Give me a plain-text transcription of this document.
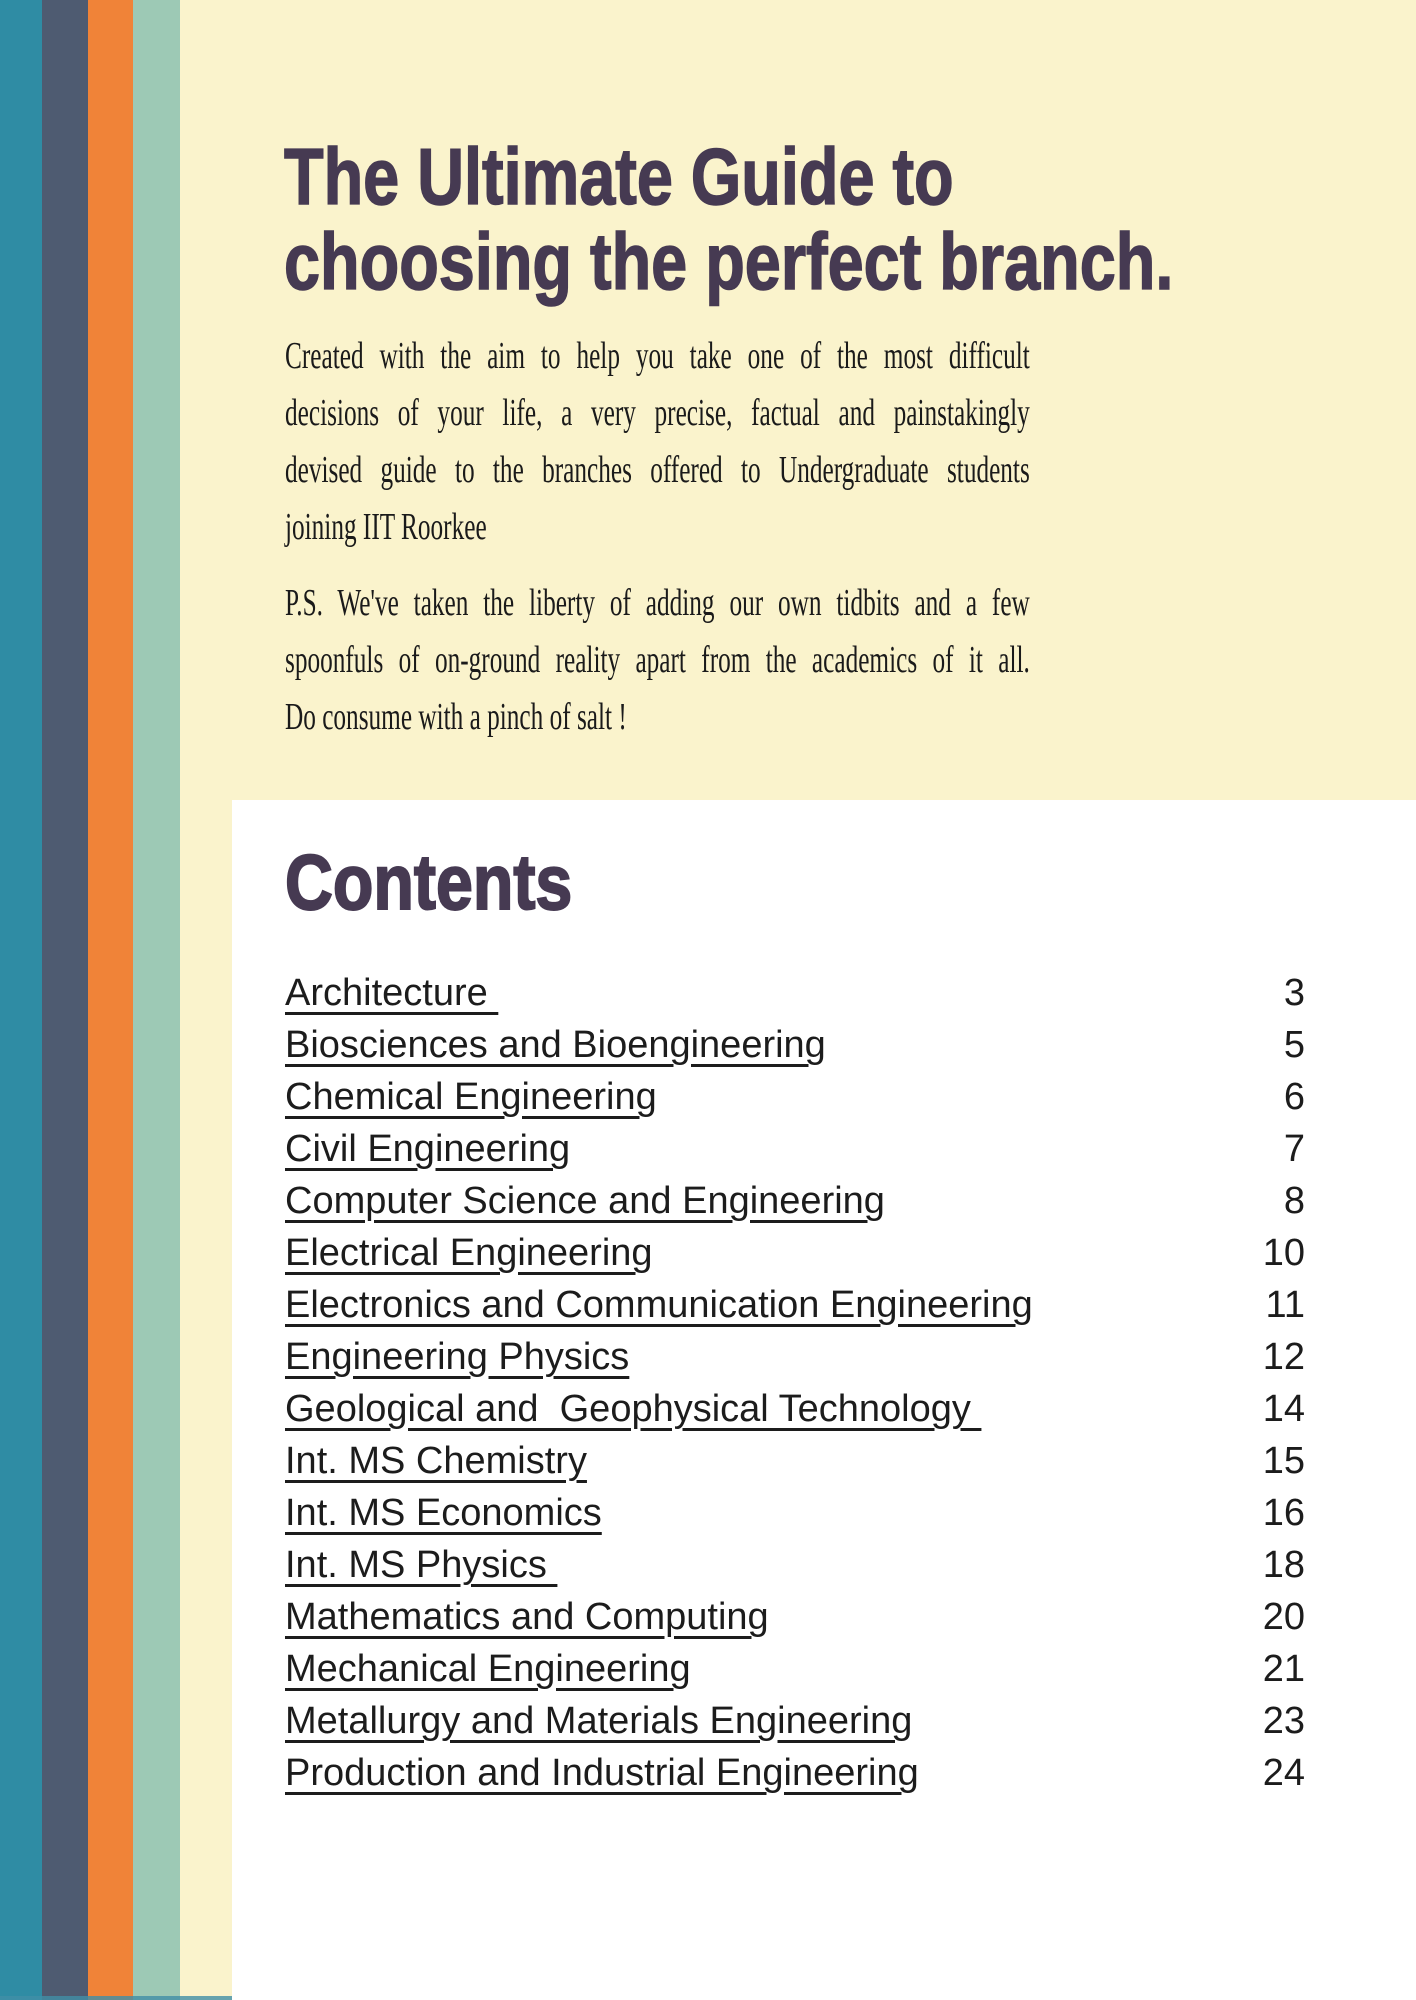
The Ultimate Guide to
choosing the perfect branch.
Created with the aim to help you take one of the most difficult
decisions of your life, a very precise, factual and painstakingly
devised guide to the branches offered to Undergraduate students
joining IIT Roorkee
P.S. We've taken the liberty of adding our own tidbits and a few
spoonfuls of on-ground reality apart from the academics of it all.
Do consume with a pinch of salt !
Contents
Architecture	3
Biosciences and Bioengineering	5
Chemical Engineering	6
Civil Engineering	7
Computer Science and Engineering	8
Electrical Engineering	10
Electronics and Communication Engineering	11
Engineering Physics	12
Geological and  Geophysical Technology	14
Int. MS Chemistry	15
Int. MS Economics	16
Int. MS Physics	18
Mathematics and Computing	20
Mechanical Engineering	21
Metallurgy and Materials Engineering	23
Production and Industrial Engineering	24
